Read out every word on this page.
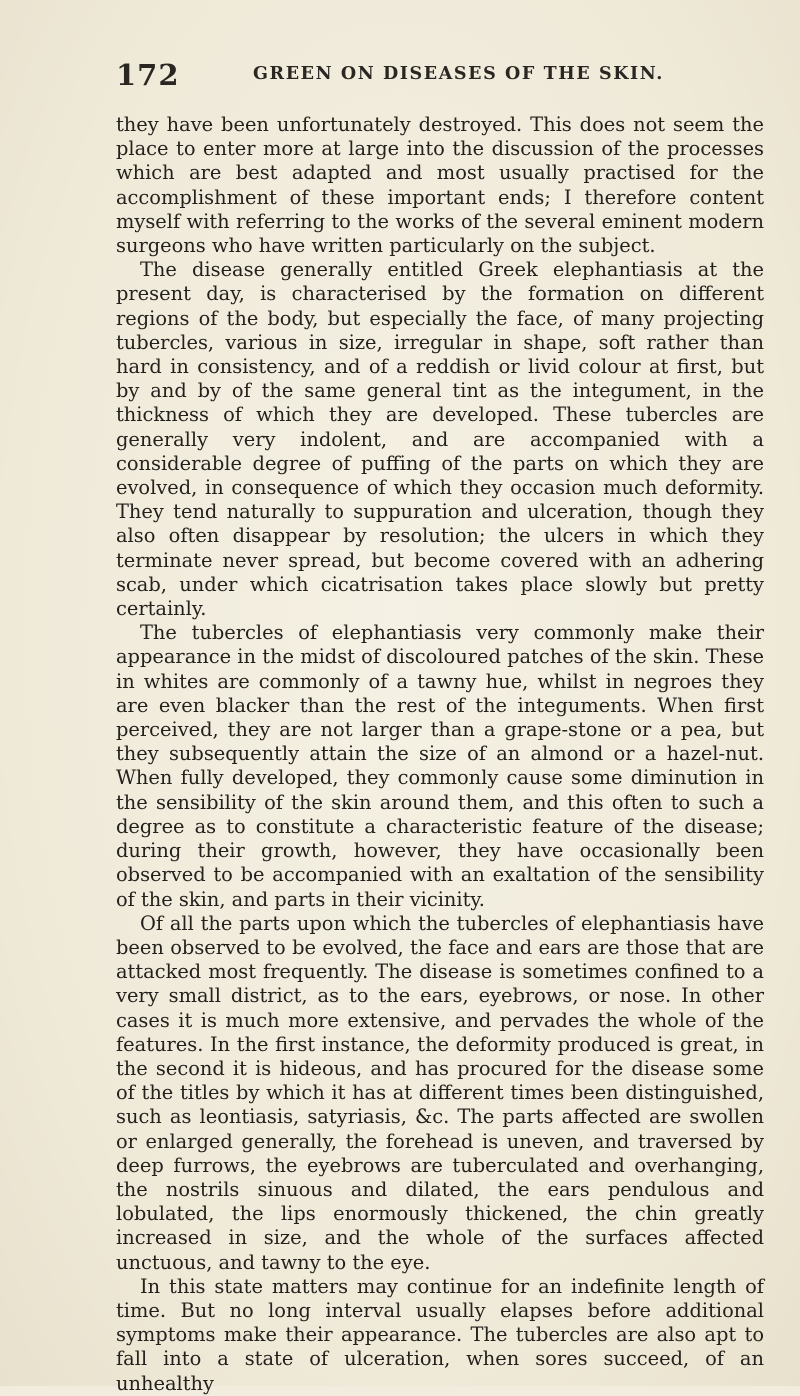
172	GREEN ON DISEASES OF THE SKIN.

they have been unfortunately destroyed. This does not seem the place to enter more at large into the discussion of the processes which are best adapted and most usually practised for the accomplishment of these important ends; I therefore content myself with referring to the works of the several eminent modern surgeons who have written particularly on the subject.

The disease generally entitled Greek elephantiasis at the present day, is characterised by the formation on different regions of the body, but especially the face, of many projecting tubercles, various in size, irregular in shape, soft rather than hard in consistency, and of a reddish or livid colour at first, but by and by of the same general tint as the integument, in the thickness of which they are developed. These tubercles are generally very indolent, and are accompanied with a considerable degree of puffing of the parts on which they are evolved, in consequence of which they occasion much deformity. They tend naturally to suppuration and ulceration, though they also often disappear by resolution; the ulcers in which they terminate never spread, but become covered with an adhering scab, under which cicatrisation takes place slowly but pretty certainly.

The tubercles of elephantiasis very commonly make their appearance in the midst of discoloured patches of the skin. These in whites are commonly of a tawny hue, whilst in negroes they are even blacker than the rest of the integuments. When first perceived, they are not larger than a grape-stone or a pea, but they subsequently attain the size of an almond or a hazel-nut. When fully developed, they commonly cause some diminution in the sensibility of the skin around them, and this often to such a degree as to constitute a characteristic feature of the disease; during their growth, however, they have occasionally been observed to be accompanied with an exaltation of the sensibility of the skin, and parts in their vicinity.

Of all the parts upon which the tubercles of elephantiasis have been observed to be evolved, the face and ears are those that are attacked most frequently. The disease is sometimes confined to a very small district, as to the ears, eyebrows, or nose. In other cases it is much more extensive, and pervades the whole of the features. In the first instance, the deformity produced is great, in the second it is hideous, and has procured for the disease some of the titles by which it has at different times been distinguished, such as leontiasis, satyriasis, &c. The parts affected are swollen or enlarged generally, the forehead is uneven, and traversed by deep furrows, the eyebrows are tuberculated and overhanging, the nostrils sinuous and dilated, the ears pendulous and lobulated, the lips enormously thickened, the chin greatly increased in size, and the whole of the surfaces affected unctuous, and tawny to the eye.

In this state matters may continue for an indefinite length of time. But no long interval usually elapses before additional symptoms make their appearance. The tubercles are also apt to fall into a state of ulceration, when sores succeed, of an unhealthy
